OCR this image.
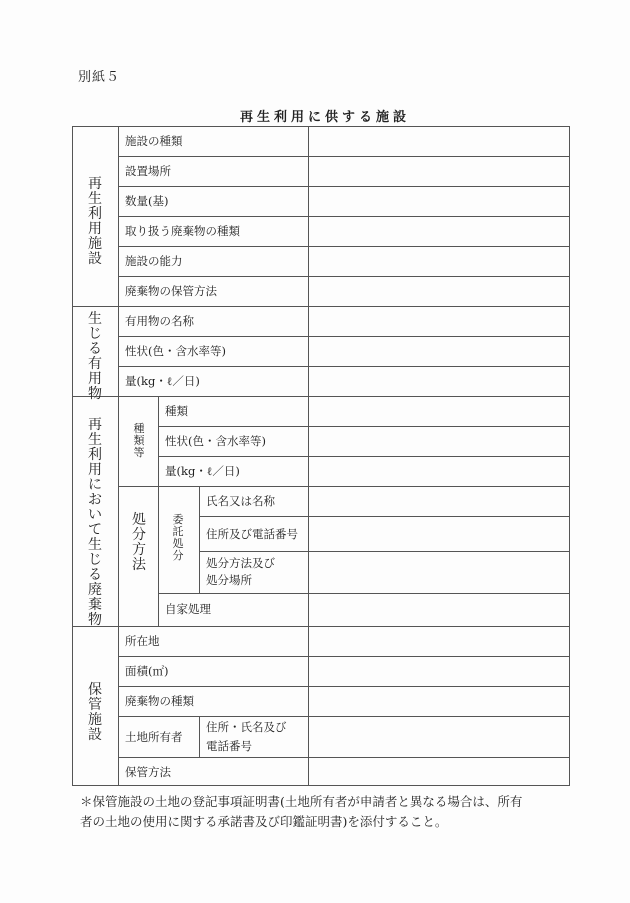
別紙５
再生利用に供する施設
再生利用施設
施設の種類
設置場所
数量(基)
取り扱う廃棄物の種類
施設の能力
廃棄物の保管方法
生じる有用物
有用物の名称
性状(色・含水率等)
量(kg・ℓ／日)
再生利用において生じる廃棄物
種類等
種類
性状(色・含水率等)
量(kg・ℓ／日)
処分方法
委託処分
氏名又は名称
住所及び電話番号
処分方法及び
処分場所
自家処理
保管施設
所在地
面積(㎡)
廃棄物の種類
土地所有者
住所・氏名及び
電話番号
保管方法
＊保管施設の土地の登記事項証明書(土地所有者が申請者と異なる場合は、所有
者の土地の使用に関する承諾書及び印鑑証明書)を添付すること。
